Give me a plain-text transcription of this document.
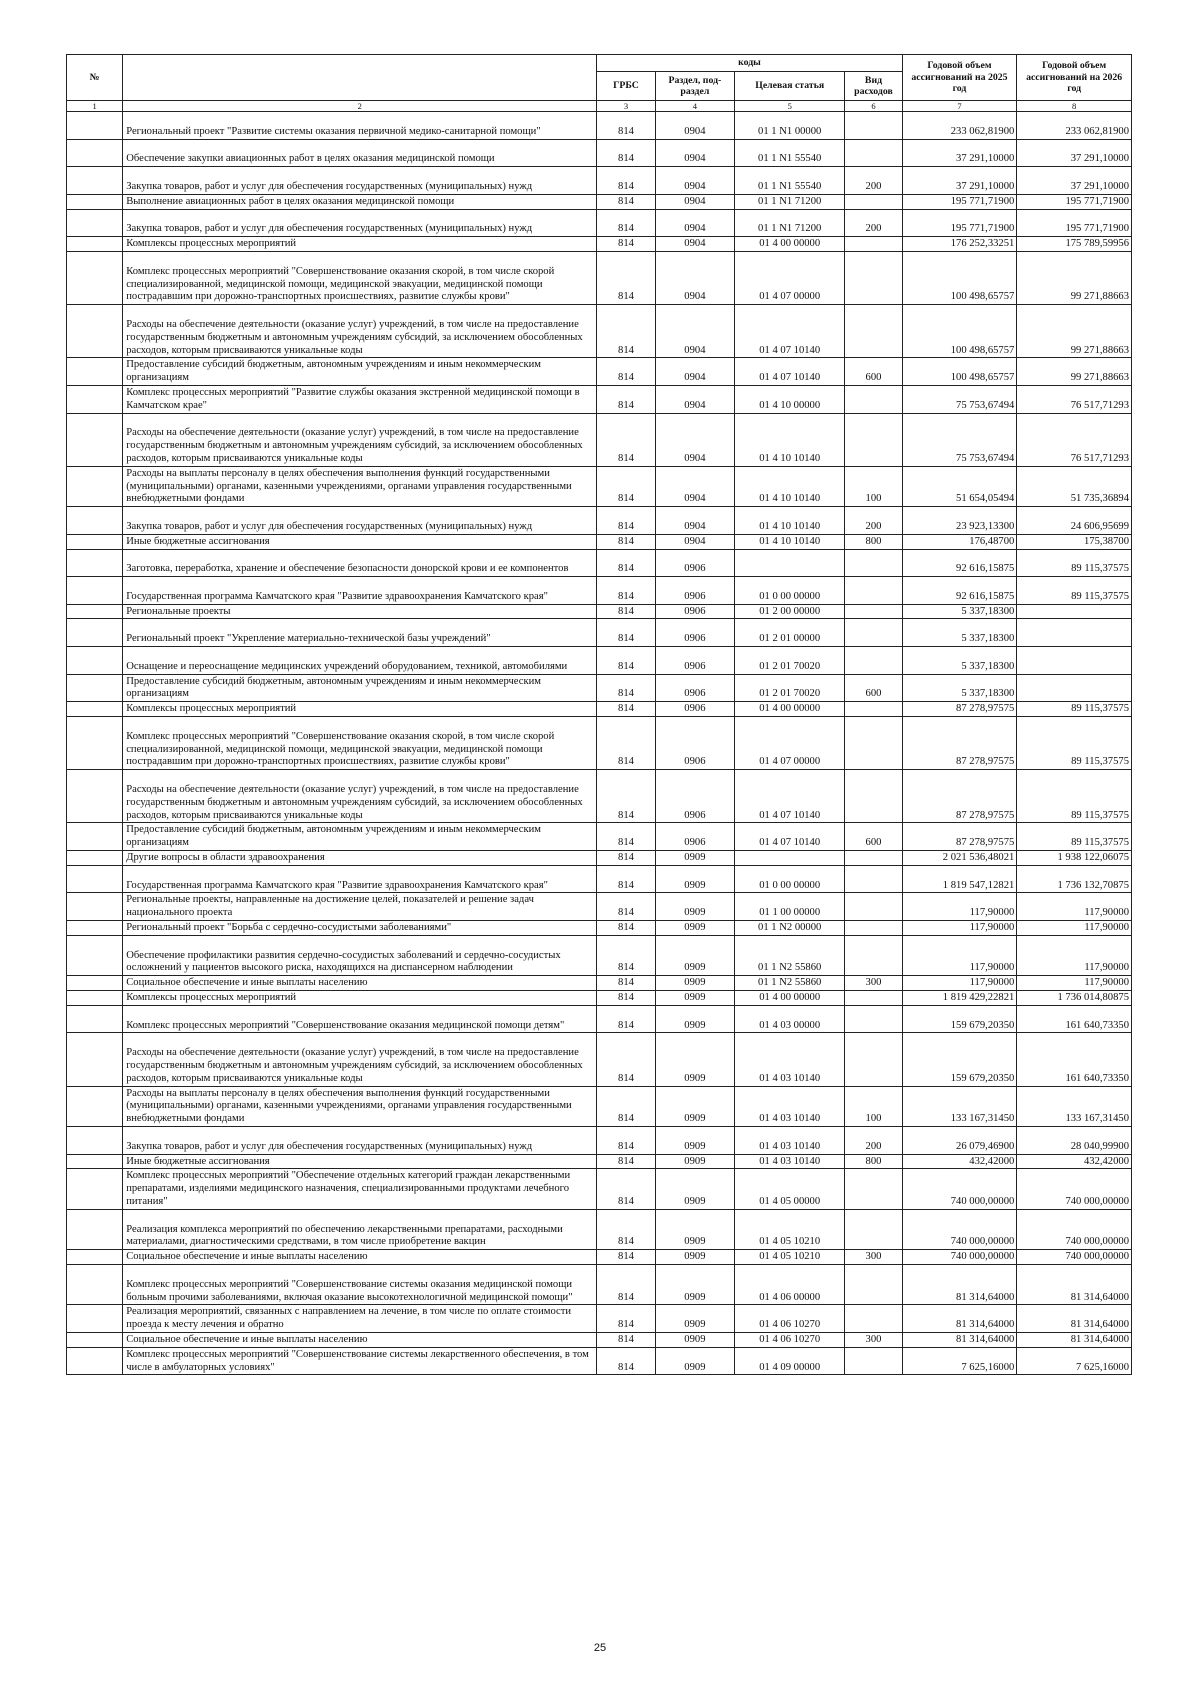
№		коды				Годовой объем ассигнований на 2025 год	Годовой объем ассигнований на 2026 год
		ГРБС	Раздел, под- раздел	Целевая статья	Вид расходов		
1	2	3	4	5	6	7	8
	Региональный проект "Развитие системы оказания первичной медико-санитарной помощи"	814	0904	01 1 N1 00000		233 062,81900	233 062,81900
	Обеспечение закупки авиационных работ в целях оказания медицинской помощи	814	0904	01 1 N1 55540		37 291,10000	37 291,10000
	Закупка товаров, работ и услуг для обеспечения государственных (муниципальных) нужд	814	0904	01 1 N1 55540	200	37 291,10000	37 291,10000
	Выполнение авиационных работ в целях оказания медицинской помощи	814	0904	01 1 N1 71200		195 771,71900	195 771,71900
	Закупка товаров, работ и услуг для обеспечения государственных (муниципальных) нужд	814	0904	01 1 N1 71200	200	195 771,71900	195 771,71900
	Комплексы процессных мероприятий	814	0904	01 4 00 00000		176 252,33251	175 789,59956
	Комплекс процессных мероприятий "Совершенствование оказания скорой, в том числе скорой специализированной, медицинской помощи, медицинской эвакуации, медицинской помощи пострадавшим при дорожно-транспортных происшествиях, развитие службы крови"	814	0904	01 4 07 00000		100 498,65757	99 271,88663
	Расходы на обеспечение деятельности (оказание услуг) учреждений, в том числе на предоставление государственным бюджетным и автономным учреждениям субсидий, за исключением обособленных расходов, которым присваиваются уникальные коды	814	0904	01 4 07 10140		100 498,65757	99 271,88663
	Предоставление субсидий бюджетным, автономным учреждениям и иным некоммерческим организациям	814	0904	01 4 07 10140	600	100 498,65757	99 271,88663
	Комплекс процессных мероприятий "Развитие службы оказания экстренной медицинской помощи в Камчатском крае"	814	0904	01 4 10 00000		75 753,67494	76 517,71293
	Расходы на обеспечение деятельности (оказание услуг) учреждений, в том числе на предоставление государственным бюджетным и автономным учреждениям субсидий, за исключением обособленных расходов, которым присваиваются уникальные коды	814	0904	01 4 10 10140		75 753,67494	76 517,71293
	Расходы на выплаты персоналу в целях обеспечения выполнения функций государственными (муниципальными) органами, казенными учреждениями, органами управления государственными внебюджетными фондами	814	0904	01 4 10 10140	100	51 654,05494	51 735,36894
	Закупка товаров, работ и услуг для обеспечения государственных (муниципальных) нужд	814	0904	01 4 10 10140	200	23 923,13300	24 606,95699
	Иные бюджетные ассигнования	814	0904	01 4 10 10140	800	176,48700	175,38700
	Заготовка, переработка, хранение и обеспечение безопасности донорской крови и ее компонентов	814	0906			92 616,15875	89 115,37575
	Государственная программа Камчатского края "Развитие здравоохранения Камчатского края"	814	0906	01 0 00 00000		92 616,15875	89 115,37575
	Региональные проекты	814	0906	01 2 00 00000		5 337,18300	
	Региональный проект "Укрепление материально-технической базы учреждений"	814	0906	01 2 01 00000		5 337,18300	
	Оснащение и переоснащение медицинских учреждений оборудованием, техникой, автомобилями	814	0906	01 2 01 70020		5 337,18300	
	Предоставление субсидий бюджетным, автономным учреждениям и иным некоммерческим организациям	814	0906	01 2 01 70020	600	5 337,18300	
	Комплексы процессных мероприятий	814	0906	01 4 00 00000		87 278,97575	89 115,37575
	Комплекс процессных мероприятий "Совершенствование оказания скорой, в том числе скорой специализированной, медицинской помощи, медицинской эвакуации, медицинской помощи пострадавшим при дорожно-транспортных происшествиях, развитие службы крови"	814	0906	01 4 07 00000		87 278,97575	89 115,37575
	Расходы на обеспечение деятельности (оказание услуг) учреждений, в том числе на предоставление государственным бюджетным и автономным учреждениям субсидий, за исключением обособленных расходов, которым присваиваются уникальные коды	814	0906	01 4 07 10140		87 278,97575	89 115,37575
	Предоставление субсидий бюджетным, автономным учреждениям и иным некоммерческим организациям	814	0906	01 4 07 10140	600	87 278,97575	89 115,37575
	Другие вопросы в области здравоохранения	814	0909			2 021 536,48021	1 938 122,06075
	Государственная программа Камчатского края "Развитие здравоохранения Камчатского края"	814	0909	01 0 00 00000		1 819 547,12821	1 736 132,70875
	Региональные проекты, направленные на достижение целей, показателей и решение задач национального проекта	814	0909	01 1 00 00000		117,90000	117,90000
	Региональный проект "Борьба с сердечно-сосудистыми заболеваниями"	814	0909	01 1 N2 00000		117,90000	117,90000
	Обеспечение профилактики развития сердечно-сосудистых заболеваний и сердечно-сосудистых осложнений у пациентов высокого риска, находящихся на диспансерном наблюдении	814	0909	01 1 N2 55860		117,90000	117,90000
	Социальное обеспечение и иные выплаты населению	814	0909	01 1 N2 55860	300	117,90000	117,90000
	Комплексы процессных мероприятий	814	0909	01 4 00 00000		1 819 429,22821	1 736 014,80875
	Комплекс процессных мероприятий "Совершенствование оказания медицинской помощи детям"	814	0909	01 4 03 00000		159 679,20350	161 640,73350
	Расходы на обеспечение деятельности (оказание услуг) учреждений, в том числе на предоставление государственным бюджетным и автономным учреждениям субсидий, за исключением обособленных расходов, которым присваиваются уникальные коды	814	0909	01 4 03 10140		159 679,20350	161 640,73350
	Расходы на выплаты персоналу в целях обеспечения выполнения функций государственными (муниципальными) органами, казенными учреждениями, органами управления государственными внебюджетными фондами	814	0909	01 4 03 10140	100	133 167,31450	133 167,31450
	Закупка товаров, работ и услуг для обеспечения государственных (муниципальных) нужд	814	0909	01 4 03 10140	200	26 079,46900	28 040,99900
	Иные бюджетные ассигнования	814	0909	01 4 03 10140	800	432,42000	432,42000
	Комплекс процессных мероприятий "Обеспечение отдельных категорий граждан лекарственными препаратами, изделиями медицинского назначения, специализированными продуктами лечебного питания"	814	0909	01 4 05 00000		740 000,00000	740 000,00000
	Реализация комплекса мероприятий по обеспечению лекарственными препаратами, расходными материалами, диагностическими средствами, в том числе приобретение вакцин	814	0909	01 4 05 10210		740 000,00000	740 000,00000
	Социальное обеспечение и иные выплаты населению	814	0909	01 4 05 10210	300	740 000,00000	740 000,00000
	Комплекс процессных мероприятий "Совершенствование системы оказания медицинской помощи больным прочими заболеваниями, включая оказание высокотехнологичной медицинской помощи"	814	0909	01 4 06 00000		81 314,64000	81 314,64000
	Реализация мероприятий, связанных с направлением на лечение, в том числе по оплате стоимости проезда к месту лечения и обратно	814	0909	01 4 06 10270		81 314,64000	81 314,64000
	Социальное обеспечение и иные выплаты населению	814	0909	01 4 06 10270	300	81 314,64000	81 314,64000
	Комплекс процессных мероприятий "Совершенствование системы лекарственного обеспечения, в том числе в амбулаторных условиях"	814	0909	01 4 09 00000		7 625,16000	7 625,16000
25
